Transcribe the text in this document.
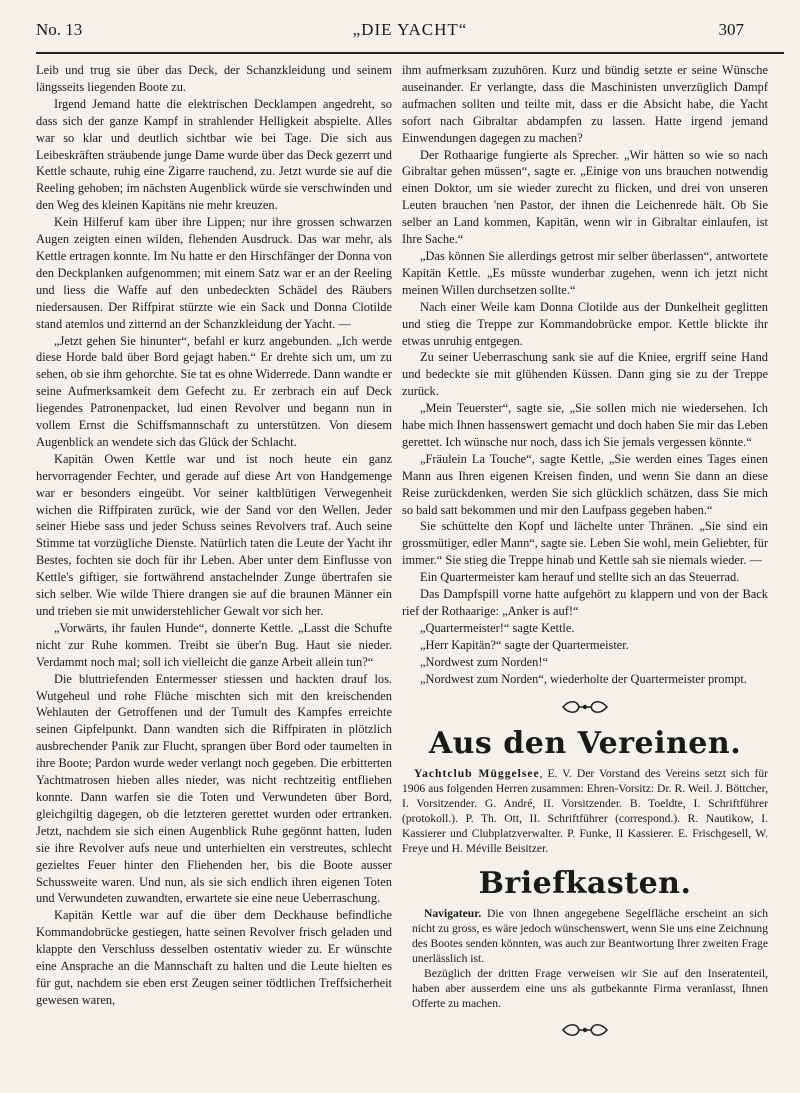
No. 13	„DIE YACHT“	307

Leib und trug sie über das Deck, der Schanzkleidung und seinem längsseits liegenden Boote zu.

Irgend Jemand hatte die elektrischen Decklampen angedreht, so dass sich der ganze Kampf in strahlender Helligkeit abspielte. Alles war so klar und deutlich sichtbar wie bei Tage. Die sich aus Leibeskräften sträubende junge Dame wurde über das Deck gezerrt und Kettle schaute, ruhig eine Zigarre rauchend, zu. Jetzt wurde sie auf die Reeling gehoben; im nächsten Augenblick würde sie verschwinden und den Weg des kleinen Kapitäns nie mehr kreuzen.

Kein Hilferuf kam über ihre Lippen; nur ihre grossen schwarzen Augen zeigten einen wilden, flehenden Ausdruck. Das war mehr, als Kettle ertragen konnte. Im Nu hatte er den Hirschfänger der Donna von den Deckplanken aufgenommen; mit einem Satz war er an der Reeling und liess die Waffe auf den unbedeckten Schädel des Räubers niedersausen. Der Riffpirat stürzte wie ein Sack und Donna Clotilde stand atemlos und zitternd an der Schanzkleidung der Yacht. —

„Jetzt gehen Sie hinunter“, befahl er kurz angebunden. „Ich werde diese Horde bald über Bord gejagt haben.“ Er drehte sich um, um zu sehen, ob sie ihm gehorchte. Sie tat es ohne Widerrede. Dann wandte er seine Aufmerksamkeit dem Gefecht zu. Er zerbrach ein auf Deck liegendes Patronenpacket, lud einen Revolver und begann nun in vollem Ernst die Schiffsmannschaft zu unterstützen. Von diesem Augenblick an wendete sich das Glück der Schlacht.

Kapitän Owen Kettle war und ist noch heute ein ganz hervorragender Fechter, und gerade auf diese Art von Handgemenge war er besonders eingeübt. Vor seiner kaltblütigen Verwegenheit wichen die Riffpiraten zurück, wie der Sand vor den Wellen. Jeder seiner Hiebe sass und jeder Schuss seines Revolvers traf. Auch seine Stimme tat vorzügliche Dienste. Natürlich taten die Leute der Yacht ihr Bestes, fochten sie doch für ihr Leben. Aber unter dem Einflusse von Kettle's giftiger, sie fortwährend anstachelnder Zunge übertrafen sie sich selber. Wie wilde Thiere drangen sie auf die braunen Männer ein und trieben sie mit unwiderstehlicher Gewalt vor sich her.

„Vorwärts, ihr faulen Hunde“, donnerte Kettle. „Lasst die Schufte nicht zur Ruhe kommen. Treibt sie über'n Bug. Haut sie nieder. Verdammt noch mal; soll ich vielleicht die ganze Arbeit allein tun?“

Die bluttriefenden Entermesser stiessen und hackten drauf los. Wutgeheul und rohe Flüche mischten sich mit den kreischenden Wehlauten der Getroffenen und der Tumult des Kampfes erreichte seinen Gipfelpunkt. Dann wandten sich die Riffpiraten in plötzlich ausbrechender Panik zur Flucht, sprangen über Bord oder taumelten in ihre Boote; Pardon wurde weder verlangt noch gegeben. Die erbitterten Yachtmatrosen hieben alles nieder, was nicht rechtzeitig entfliehen konnte. Dann warfen sie die Toten und Verwundeten über Bord, gleichgiltig dagegen, ob die letzteren gerettet wurden oder ertranken. Jetzt, nachdem sie sich einen Augenblick Ruhe gegönnt hatten, luden sie ihre Revolver aufs neue und unterhielten ein verstreutes, schlecht gezieltes Feuer hinter den Fliehenden her, bis die Boote ausser Schussweite waren. Und nun, als sie sich endlich ihren eigenen Toten und Verwundeten zuwandten, erwartete sie eine neue Ueberraschung.

Kapitän Kettle war auf die über dem Deckhause befindliche Kommandobrücke gestiegen, hatte seinen Revolver frisch geladen und klappte den Verschluss desselben ostentativ wieder zu. Er wünschte eine Ansprache an die Mannschaft zu halten und die Leute hielten es für gut, nachdem sie eben erst Zeugen seiner tödtlichen Treffsicherheit gewesen waren,

ihm aufmerksam zuzuhören. Kurz und bündig setzte er seine Wünsche auseinander. Er verlangte, dass die Maschinisten unverzüglich Dampf aufmachen sollten und teilte mit, dass er die Absicht habe, die Yacht sofort nach Gibraltar abdampfen zu lassen. Hatte irgend jemand Einwendungen dagegen zu machen?

Der Rothaarige fungierte als Sprecher. „Wir hätten so wie so nach Gibraltar gehen müssen“, sagte er. „Einige von uns brauchen notwendig einen Doktor, um sie wieder zurecht zu flicken, und drei von unseren Leuten brauchen 'nen Pastor, der ihnen die Leichenrede hält. Ob Sie selber an Land kommen, Kapitän, wenn wir in Gibraltar einlaufen, ist Ihre Sache.“

„Das können Sie allerdings getrost mir selber überlassen“, antwortete Kapitän Kettle. „Es müsste wunderbar zugehen, wenn ich jetzt nicht meinen Willen durchsetzen sollte.“

Nach einer Weile kam Donna Clotilde aus der Dunkelheit geglitten und stieg die Treppe zur Kommandobrücke empor. Kettle blickte ihr etwas unruhig entgegen.

Zu seiner Ueberraschung sank sie auf die Kniee, ergriff seine Hand und bedeckte sie mit glühenden Küssen. Dann ging sie zu der Treppe zurück.

„Mein Teuerster“, sagte sie, „Sie sollen mich nie wiedersehen. Ich habe mich Ihnen hassenswert gemacht und doch haben Sie mir das Leben gerettet. Ich wünsche nur noch, dass ich Sie jemals vergessen könnte.“

„Fräulein La Touche“, sagte Kettle, „Sie werden eines Tages einen Mann aus Ihren eigenen Kreisen finden, und wenn Sie dann an diese Reise zurückdenken, werden Sie sich glücklich schätzen, dass Sie mich so bald satt bekommen und mir den Laufpass gegeben haben.“

Sie schüttelte den Kopf und lächelte unter Thränen. „Sie sind ein grossmütiger, edler Mann“, sagte sie. Leben Sie wohl, mein Geliebter, für immer.“ Sie stieg die Treppe hinab und Kettle sah sie niemals wieder. —

Ein Quartermeister kam herauf und stellte sich an das Steuerrad.

Das Dampfspill vorne hatte aufgehört zu klappern und von der Back rief der Rothaarige: „Anker is auf!“

„Quartermeister!“ sagte Kettle.

„Herr Kapitän?“ sagte der Quartermeister.

„Nordwest zum Norden!“

„Nordwest zum Norden“, wiederholte der Quartermeister prompt.

Aus den Vereinen.

Yachtclub Müggelsee, E. V. Der Vorstand des Vereins setzt sich für 1906 aus folgenden Herren zusammen: Ehren-Vorsitz: Dr. R. Weil. J. Böttcher, I. Vorsitzender. G. André, II. Vorsitzender. B. Toeldte, I. Schriftführer (protokoll.). P. Th. Ott, II. Schriftführer (correspond.). R. Nautikow, I. Kassierer und Clubplatzverwalter. P. Funke, II Kassierer. E. Frischgesell, W. Freye und H. Méville Beisitzer.

Briefkasten.

Navigateur. Die von Ihnen angegebene Segelfläche erscheint an sich nicht zu gross, es wäre jedoch wünschenswert, wenn Sie uns eine Zeichnung des Bootes senden könnten, was auch zur Beantwortung Ihrer zweiten Frage unerlässlich ist.

Bezüglich der dritten Frage verweisen wir Sie auf den Inseratenteil, haben aber ausserdem eine uns als gutbekannte Firma veranlasst, Ihnen Offerte zu machen.
